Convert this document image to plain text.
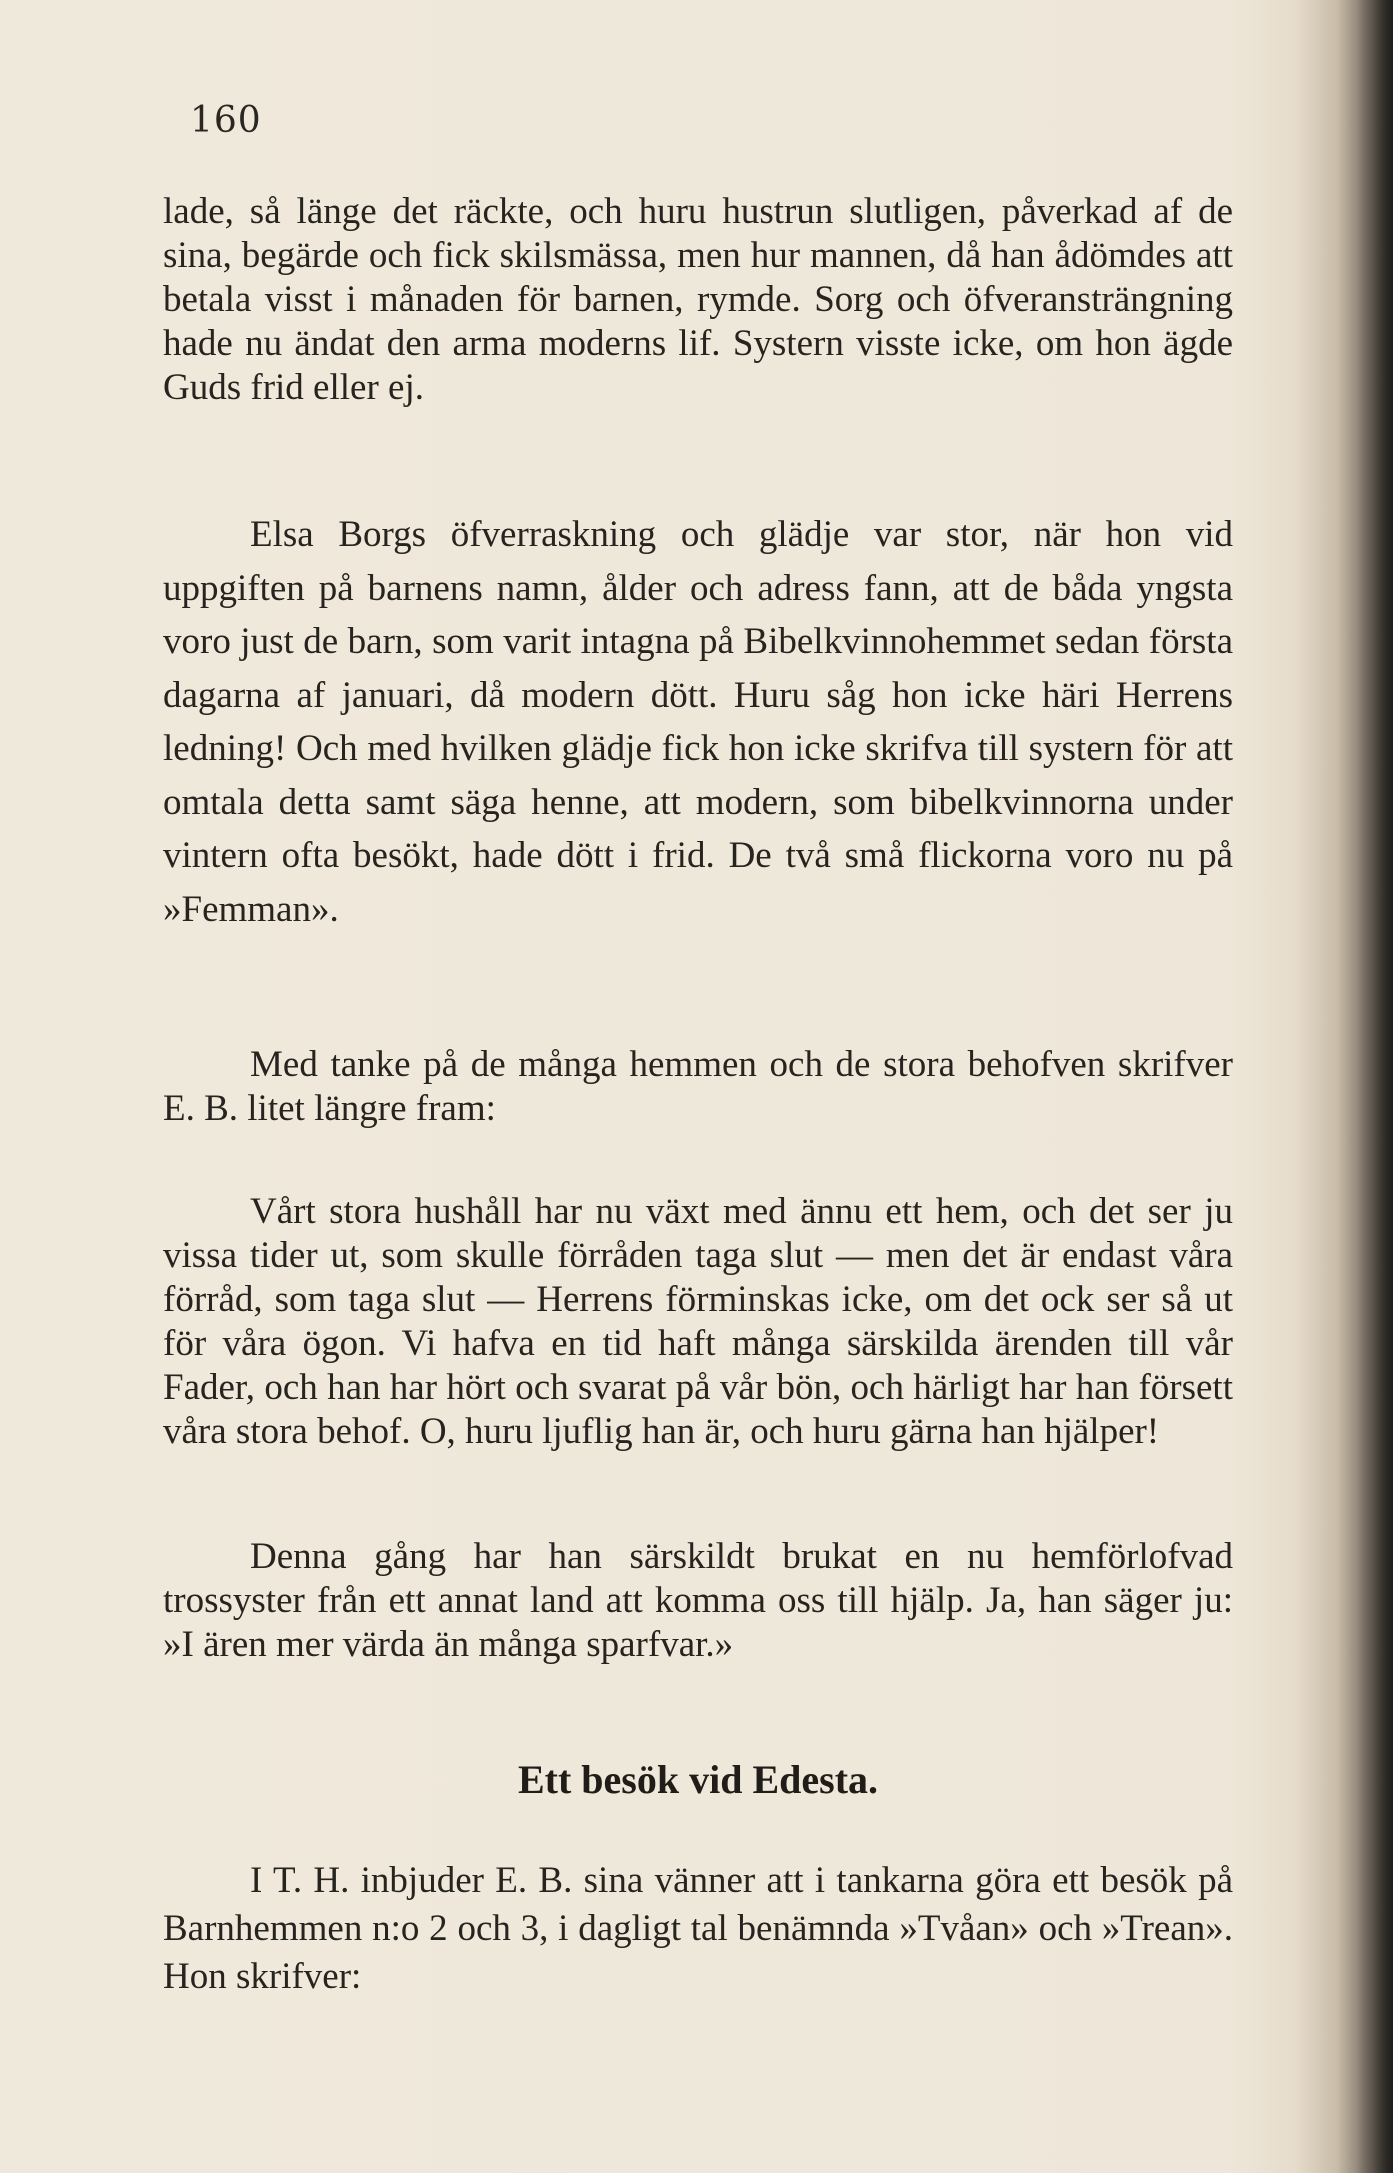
160

lade, så länge det räckte, och huru hustrun slutligen, påverkad af de sina, begärde och fick skilsmässa, men hur mannen, då han ådömdes att betala visst i månaden för barnen, rymde. Sorg och öfveransträngning hade nu ändat den arma moderns lif. Systern visste icke, om hon ägde Guds frid eller ej.

Elsa Borgs öfverraskning och glädje var stor, när hon vid uppgiften på barnens namn, ålder och adress fann, att de båda yngsta voro just de barn, som varit intagna på Bibelkvinnohemmet sedan första dagarna af januari, då modern dött. Huru såg hon icke häri Herrens ledning! Och med hvilken glädje fick hon icke skrifva till systern för att omtala detta samt säga henne, att modern, som bibelkvinnorna under vintern ofta besökt, hade dött i frid. De två små flickorna voro nu på »Femman».

Med tanke på de många hemmen och de stora behofven skrifver E. B. litet längre fram:

Vårt stora hushåll har nu växt med ännu ett hem, och det ser ju vissa tider ut, som skulle förråden taga slut — men det är endast våra förråd, som taga slut — Herrens förminskas icke, om det ock ser så ut för våra ögon. Vi hafva en tid haft många särskilda ärenden till vår Fader, och han har hört och svarat på vår bön, och härligt har han försett våra stora behof. O, huru ljuflig han är, och huru gärna han hjälper!

Denna gång har han särskildt brukat en nu hemförlofvad trossyster från ett annat land att komma oss till hjälp. Ja, han säger ju: »I ären mer värda än många sparfvar.»

Ett besök vid Edesta.

I T. H. inbjuder E. B. sina vänner att i tankarna göra ett besök på Barnhemmen n:o 2 och 3, i dagligt tal benämnda »Tvåan» och »Trean». Hon skrifver:
